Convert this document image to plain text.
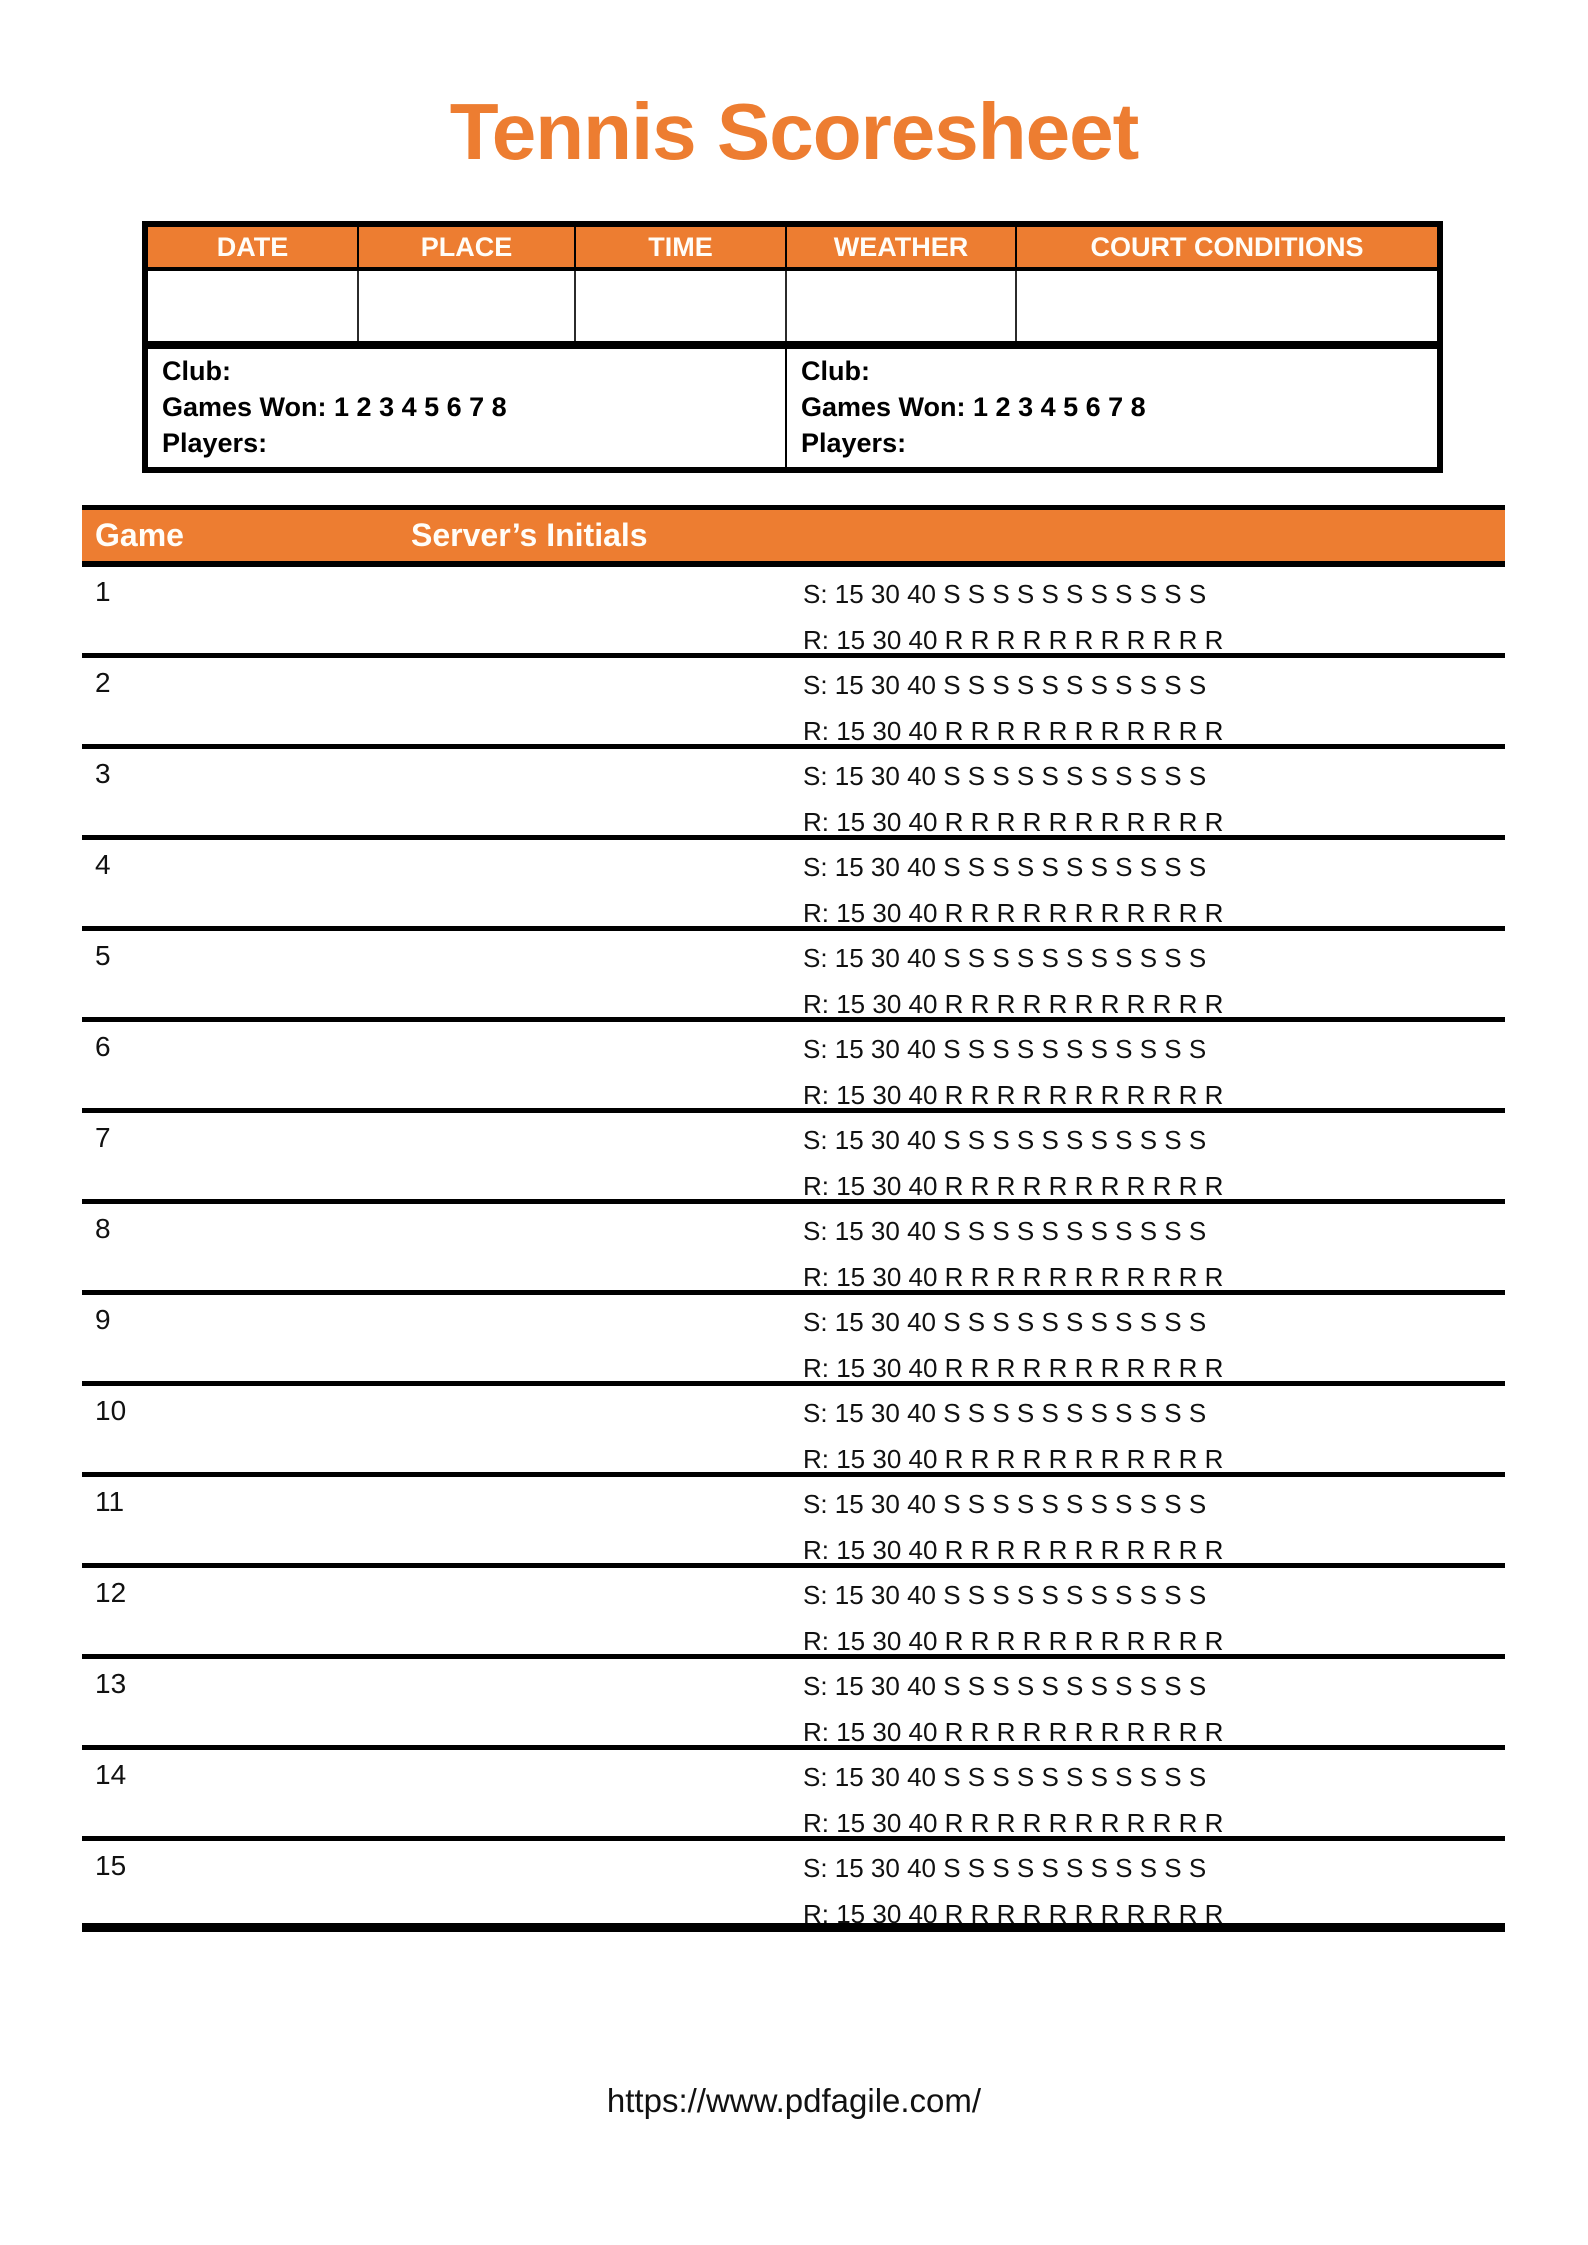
Tennis Scoresheet
DATE	PLACE	TIME	WEATHER	COURT CONDITIONS
Club:
Games Won: 1 2 3 4 5 6 7 8
Players:
Club:
Games Won: 1 2 3 4 5 6 7 8
Players:
Game	Server’s Initials
1	S: 15 30 40 S S S S S S S S S S S
R: 15 30 40 R R R R R R R R R R R
2	S: 15 30 40 S S S S S S S S S S S
R: 15 30 40 R R R R R R R R R R R
3	S: 15 30 40 S S S S S S S S S S S
R: 15 30 40 R R R R R R R R R R R
4	S: 15 30 40 S S S S S S S S S S S
R: 15 30 40 R R R R R R R R R R R
5	S: 15 30 40 S S S S S S S S S S S
R: 15 30 40 R R R R R R R R R R R
6	S: 15 30 40 S S S S S S S S S S S
R: 15 30 40 R R R R R R R R R R R
7	S: 15 30 40 S S S S S S S S S S S
R: 15 30 40 R R R R R R R R R R R
8	S: 15 30 40 S S S S S S S S S S S
R: 15 30 40 R R R R R R R R R R R
9	S: 15 30 40 S S S S S S S S S S S
R: 15 30 40 R R R R R R R R R R R
10	S: 15 30 40 S S S S S S S S S S S
R: 15 30 40 R R R R R R R R R R R
11	S: 15 30 40 S S S S S S S S S S S
R: 15 30 40 R R R R R R R R R R R
12	S: 15 30 40 S S S S S S S S S S S
R: 15 30 40 R R R R R R R R R R R
13	S: 15 30 40 S S S S S S S S S S S
R: 15 30 40 R R R R R R R R R R R
14	S: 15 30 40 S S S S S S S S S S S
R: 15 30 40 R R R R R R R R R R R
15	S: 15 30 40 S S S S S S S S S S S
R: 15 30 40 R R R R R R R R R R R
https://www.pdfagile.com/
